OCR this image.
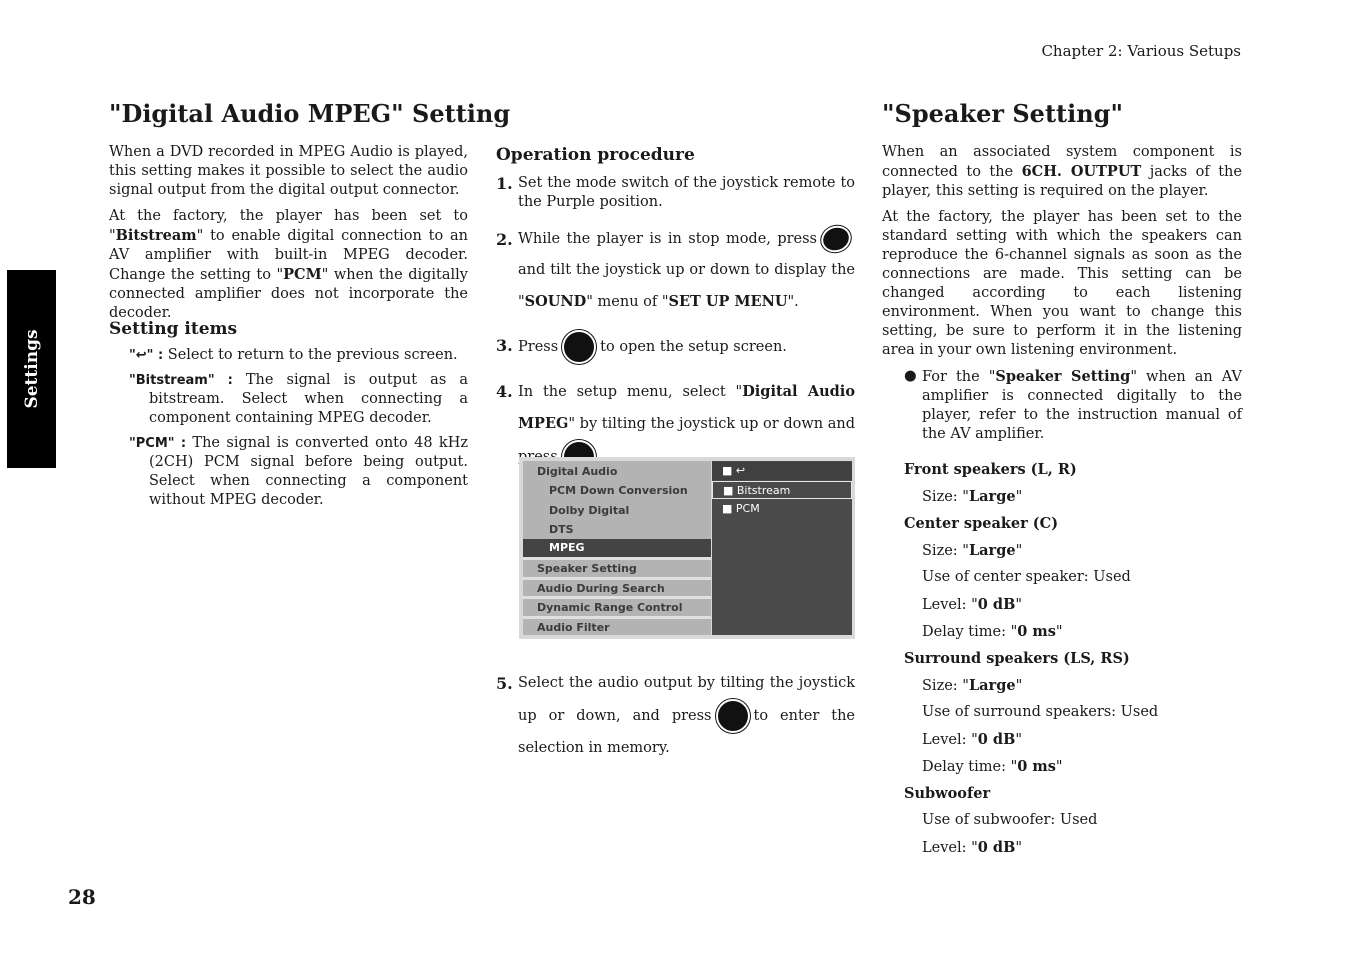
Chapter 2: Various Setups
Settings
28
"Digital Audio MPEG" Setting

When a DVD recorded in MPEG Audio is played, this setting makes it possible to select the audio signal output from the digital output connector.

At the factory, the player has been set to "Bitstream" to enable digital connection to an AV amplifier with built-in MPEG decoder. Change the setting to "PCM" when the digitally connected amplifier does not incorporate the decoder.

Setting items
"↩" : Select to return to the previous screen.
"Bitstream" : The signal is output as a bitstream. Select when connecting a component containing MPEG decoder.
"PCM" : The signal is converted onto 48 kHz (2CH) PCM signal before being output. Select when connecting a component without MPEG decoder.
Operation procedure
1. Set the mode switch of the joystick remote to the Purple position.
2. While the player is in stop mode, pressand tilt the joystick up or down to display the "SOUND" menu of "SET UP MENU".
3. Press	to open the setup screen.
4. In the setup menu, select "Digital Audio MPEG" by tilting the joystick up or down and
Digital Audio
PCM Down Conversion
Dolby Digital
DTS
MPEG
Speaker Setting
Audio During Search
Dynamic Range Control
Audio Filter
■ ↩
■ Bitstream
■ PCM
5. Select the audio output by tilting the joystick up or down, and press	to enter the selection in memory.
"Speaker Setting"

When an associated system component is connected to the 6CH. OUTPUT jacks of the player, this setting is required on the player.

At the factory, the player has been set to the standard setting with which the speakers can reproduce the 6-channel signals as soon as the connections are made. This setting can be changed according to each listening environment. When you want to change this setting, be sure to perform it in the listening area in your own listening environment.

● For the "Speaker Setting" when an AV amplifier is connected digitally to the player, refer to the instruction manual of the AV amplifier.
Front speakers (L, R)
Size: "Large"
Center speaker (C)
Size: "Large"
Use of center speaker: Used
Level: "0 dB"
Delay time: "0 ms"
Surround speakers (LS, RS)
Size: "Large"
Use of surround speakers: Used
Level: "0 dB"
Delay time: "0 ms"
Subwoofer
Use of subwoofer: Used
Level: "0 dB"
